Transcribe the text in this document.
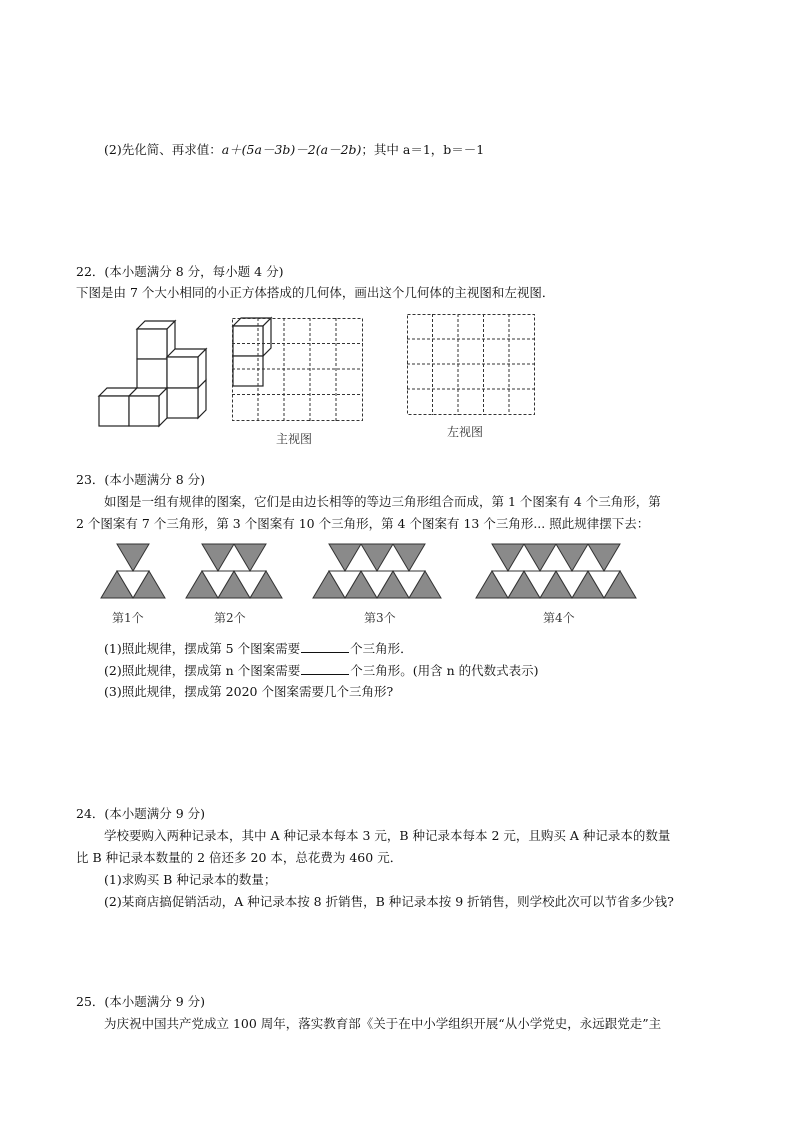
(2)先化简、再求值：a＋(5a－3b)－2(a－2b)；其中 a＝1，b＝－1
22．(本小题满分 8 分，每小题 4 分)
下图是由 7 个大小相同的小正方体搭成的几何体，画出这个几何体的主视图和左视图．
主视图	左视图
23．(本小题满分 8 分)
如图是一组有规律的图案，它们是由边长相等的等边三角形组合而成，第 1 个图案有 4 个三角形，第
2 个图案有 7 个三角形，第 3 个图案有 10 个三角形，第 4 个图案有 13 个三角形... 照此规律摆下去：
第1个	第2个	第3个	第4个
(1)照此规律，摆成第 5 个图案需要	个三角形．
(2)照此规律，摆成第 n 个图案需要	个三角形。(用含 n 的代数式表示)
(3)照此规律，摆成第 2020 个图案需要几个三角形?
24．(本小题满分 9 分)
学校要购入两种记录本，其中 A 种记录本每本 3 元，B 种记录本每本 2 元，且购买 A 种记录本的数量
比 B 种记录本数量的 2 倍还多 20 本，总花费为 460 元．
(1)求购买 B 种记录本的数量；
(2)某商店搞促销活动，A 种记录本按 8 折销售，B 种记录本按 9 折销售，则学校此次可以节省多少钱?
25．(本小题满分 9 分)
为庆祝中国共产党成立 100 周年，落实教育部《关于在中小学组织开展“从小学党史，永远跟党走”主
